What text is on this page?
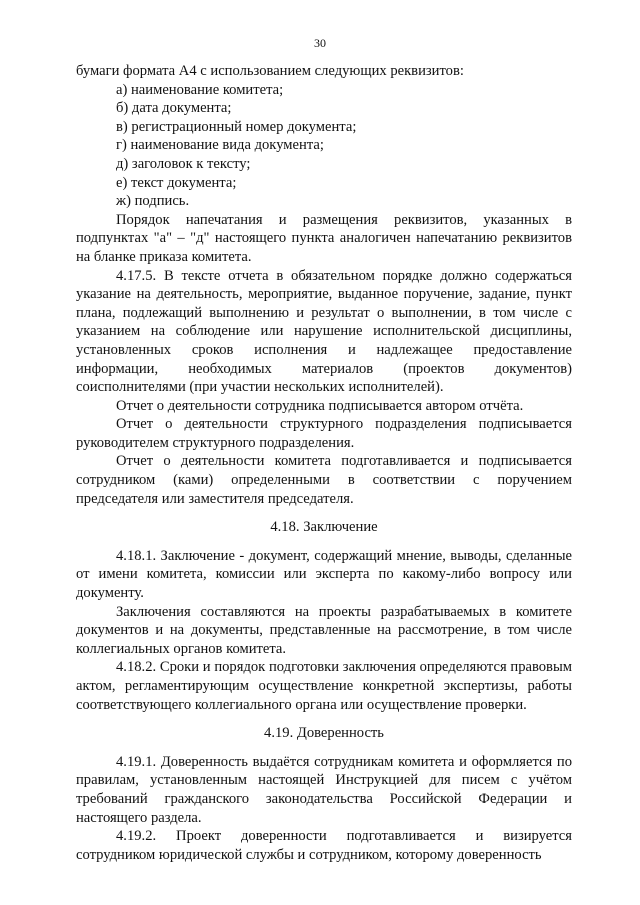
30

бумаги формата А4 с использованием следующих реквизитов:

а) наименование комитета;
б) дата документа;
в) регистрационный номер документа;
г) наименование вида документа;
д) заголовок к тексту;
е) текст документа;
ж) подпись.

Порядок напечатания и размещения реквизитов, указанных в подпунктах "а" – "д" настоящего пункта аналогичен напечатанию реквизитов на бланке приказа комитета.

4.17.5. В тексте отчета в обязательном порядке должно содержаться указание на деятельность, мероприятие, выданное поручение, задание, пункт плана, подлежащий выполнению и результат о выполнении, в том числе с указанием на соблюдение или нарушение исполнительской дисциплины, установленных сроков исполнения и надлежащее предоставление информации, необходимых материалов (проектов документов) соисполнителями (при участии нескольких исполнителей).

Отчет о деятельности сотрудника подписывается автором отчёта.

Отчет о деятельности структурного подразделения подписывается руководителем структурного подразделения.

Отчет о деятельности комитета подготавливается и подписывается сотрудником (ками) определенными в соответствии с поручением председателя или заместителя председателя.

4.18. Заключение

4.18.1. Заключение - документ, содержащий мнение, выводы, сделанные от имени комитета, комиссии или эксперта по какому-либо вопросу или документу.

Заключения составляются на проекты разрабатываемых в комитете документов и на документы, представленные на рассмотрение, в том числе коллегиальных органов комитета.

4.18.2. Сроки и порядок подготовки заключения определяются правовым актом, регламентирующим осуществление конкретной экспертизы, работы соответствующего коллегиального органа или осуществление проверки.

4.19. Доверенность

4.19.1. Доверенность выдаётся сотрудникам комитета и оформляется по правилам, установленным настоящей Инструкцией для писем с учётом требований гражданского законодательства Российской Федерации и настоящего раздела.

4.19.2. Проект доверенности подготавливается и визируется сотрудником юридической службы и сотрудником, которому доверенность
